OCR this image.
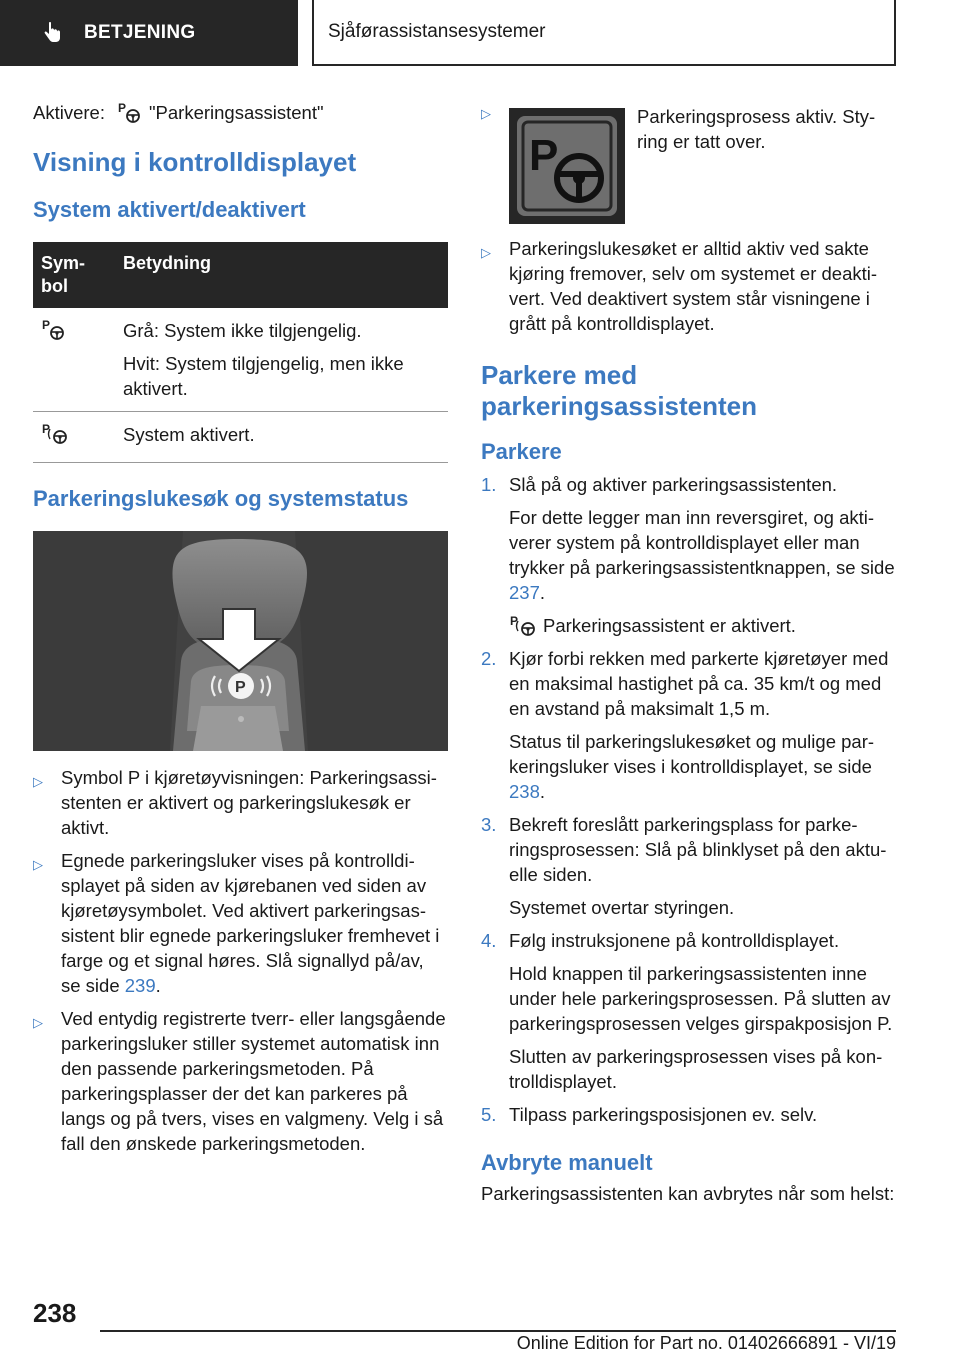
BETJENING	Sjåførassistansesystemer
Aktivere: P "Parkeringsassistent"
Visning i kontrolldisplayet
System aktivert/deaktivert
Sym-
bol	Betydning

P	Grå: System ikke tilgjengelig.
Hvit: System tilgjengelig, men ikke aktivert.

P	System aktivert.
Parkeringslukesøk og systemstatus
P
▷ Symbol P i kjøretøyvisningen: Parkeringsassistenten er aktivert og parkeringslukesøk er aktivt.
▷ Egnede parkeringsluker vises på kontrolldisplayet på siden av kjørebanen ved siden av kjøretøysymbolet. Ved aktivert parkeringsassistent blir egnede parkeringsluker fremhevet i farge og et signal høres. Slå signallyd på/av, se side 239.
▷ Ved entydig registrerte tverr- eller langsgående parkeringsluker stiller systemet automatisk inn den passende parkeringsmetoden. På parkeringsplasser der det kan parkeres på langs og på tvers, vises en valgmeny. Velg i så fall den ønskede parkeringsmetoden.
▷
P
Parkeringsprosess aktiv. Styring er tatt over.
▷ Parkeringslukesøket er alltid aktiv ved sakte kjøring fremover, selv om systemet er deaktivert. Ved deaktivert system står visningene i grått på kontrolldisplayet.
Parkere med parkeringsassistenten
Parkere
1. Slå på og aktiver parkeringsassistenten.
For dette legger man inn reversgiret, og aktiverer system på kontrolldisplayet eller man trykker på parkeringsassistentknappen, se side 237.
P Parkeringsassistent er aktivert.
2. Kjør forbi rekken med parkerte kjøretøyer med en maksimal hastighet på ca. 35 km/t og med en avstand på maksimalt 1,5 m.
Status til parkeringslukesøket og mulige parkeringsluker vises i kontrolldisplayet, se side 238.
3. Bekreft foreslått parkeringsplass for parkeringsprosessen: Slå på blinklyset på den aktuelle siden.
Systemet overtar styringen.
4. Følg instruksjonene på kontrolldisplayet.
Hold knappen til parkeringsassistenten inne under hele parkeringsprosessen. På slutten av parkeringsprosessen velges girspakposisjon P.
Slutten av parkeringsprosessen vises på kontrolldisplayet.
5. Tilpass parkeringsposisjonen ev. selv.
Avbryte manuelt
Parkeringsassistenten kan avbrytes når som helst:
238
Online Edition for Part no. 01402666891 - VI/19
